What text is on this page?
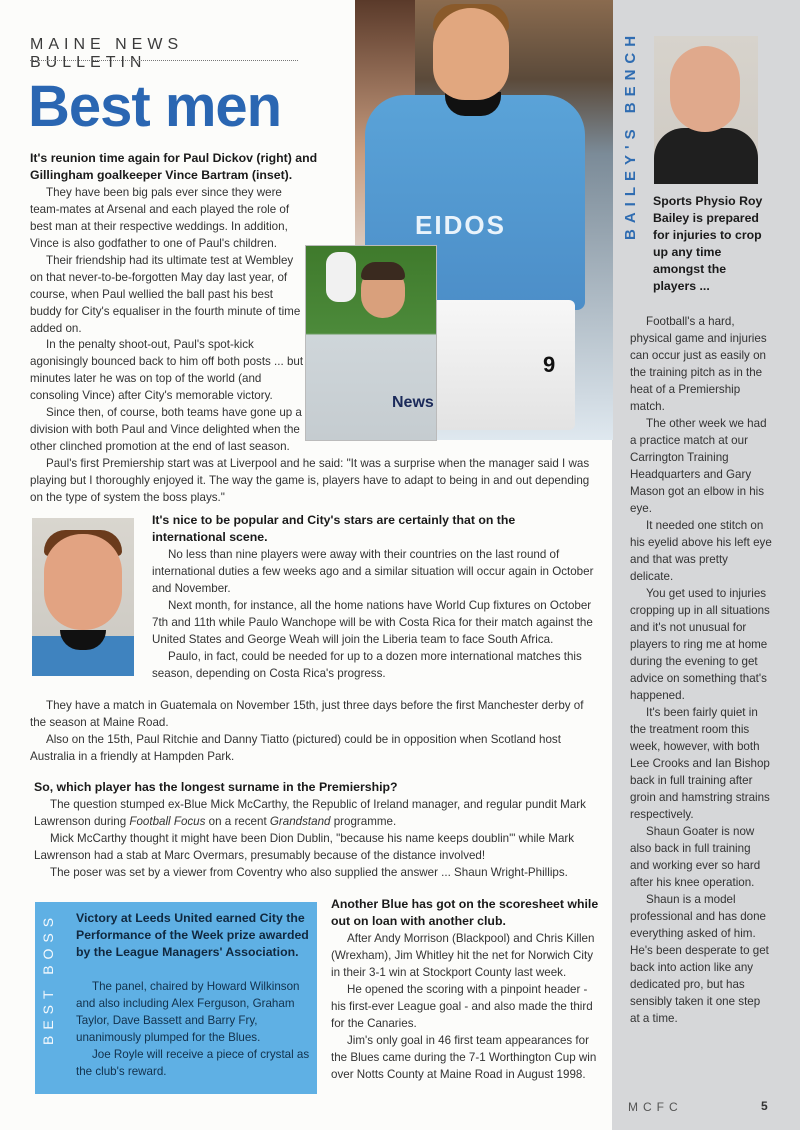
MAINE NEWS BULLETIN
Best men
EIDOS
9
News
It's reunion time again for Paul Dickov (right) and Gillingham goalkeeper Vince Bartram (inset).

They have been big pals ever since they were team-mates at Arsenal and each played the role of best man at their respective weddings. In addition, Vince is also godfather to one of Paul's children.

Their friendship had its ultimate test at Wembley on that never-to-be-forgotten May day last year, of course, when Paul wellied the ball past his best buddy for City's equaliser in the fourth minute of time added on.

In the penalty shoot-out, Paul's spot-kick agonisingly bounced back to him off both posts ... but minutes later he was on top of the world (and consoling Vince) after City's memorable victory.

Since then, of course, both teams have gone up a division with both Paul and Vince delighted when the other clinched promotion at the end of last season.

Paul's first Premiership start was at Liverpool and he said: "It was a surprise when the manager said I was playing but I thoroughly enjoyed it. The way the game is, players have to adapt to being in and out depending on the type of system the boss plays."

It's nice to be popular and City's stars are certainly that on the international scene.

No less than nine players were away with their countries on the last round of international duties a few weeks ago and a similar situation will occur again in October and November.

Next month, for instance, all the home nations have World Cup fixtures on October 7th and 11th while Paulo Wanchope will be with Costa Rica for their match against the United States and George Weah will join the Liberia team to face South Africa.

Paulo, in fact, could be needed for up to a dozen more international matches this season, depending on Costa Rica's progress.

They have a match in Guatemala on November 15th, just three days before the first Manchester derby of the season at Maine Road.

Also on the 15th, Paul Ritchie and Danny Tiatto (pictured) could be in opposition when Scotland host Australia in a friendly at Hampden Park.

So, which player has the longest surname in the Premiership?

The question stumped ex-Blue Mick McCarthy, the Republic of Ireland manager, and regular pundit Mark Lawrenson during Football Focus on a recent Grandstand programme.

Mick McCarthy thought it might have been Dion Dublin, "because his name keeps doublin'" while Mark Lawrenson had a stab at Marc Overmars, presumably because of the distance involved!

The poser was set by a viewer from Coventry who also supplied the answer ... Shaun Wright-Phillips.

BEST BOSS	Victory at Leeds United earned City the Performance of the Week prize awarded by the League Managers' Association.

The panel, chaired by Howard Wilkinson and also including Alex Ferguson, Graham Taylor, Dave Bassett and Barry Fry, unanimously plumped for the Blues.

Joe Royle will receive a piece of crystal as the club's reward.

Another Blue has got on the scoresheet while out on loan with another club.

After Andy Morrison (Blackpool) and Chris Killen (Wrexham), Jim Whitley hit the net for Norwich City in their 3-1 win at Stockport County last week.

He opened the scoring with a pinpoint header - his first-ever League goal - and also made the third for the Canaries.

Jim's only goal in 46 first team appearances for the Blues came during the 7-1 Worthington Cup win over Notts County at Maine Road in August 1998.

BAILEY'S BENCH	Sports Physio Roy Bailey is prepared for injuries to crop up any time amongst the players ...

Football's a hard, physical game and injuries can occur just as easily on the training pitch as in the heat of a Premiership match.

The other week we had a practice match at our Carrington Training Headquarters and Gary Mason got an elbow in his eye.

It needed one stitch on his eyelid above his left eye and that was pretty delicate.

You get used to injuries cropping up in all situations and it's not unusual for players to ring me at home during the evening to get advice on something that's happened.

It's been fairly quiet in the treatment room this week, however, with both Lee Crooks and Ian Bishop back in full training after groin and hamstring strains respectively.

Shaun Goater is now also back in full training and working ever so hard after his knee operation.

Shaun is a model professional and has done everything asked of him. He's been desperate to get back into action like any dedicated pro, but has sensibly taken it one step at a time.

MCFC	5
